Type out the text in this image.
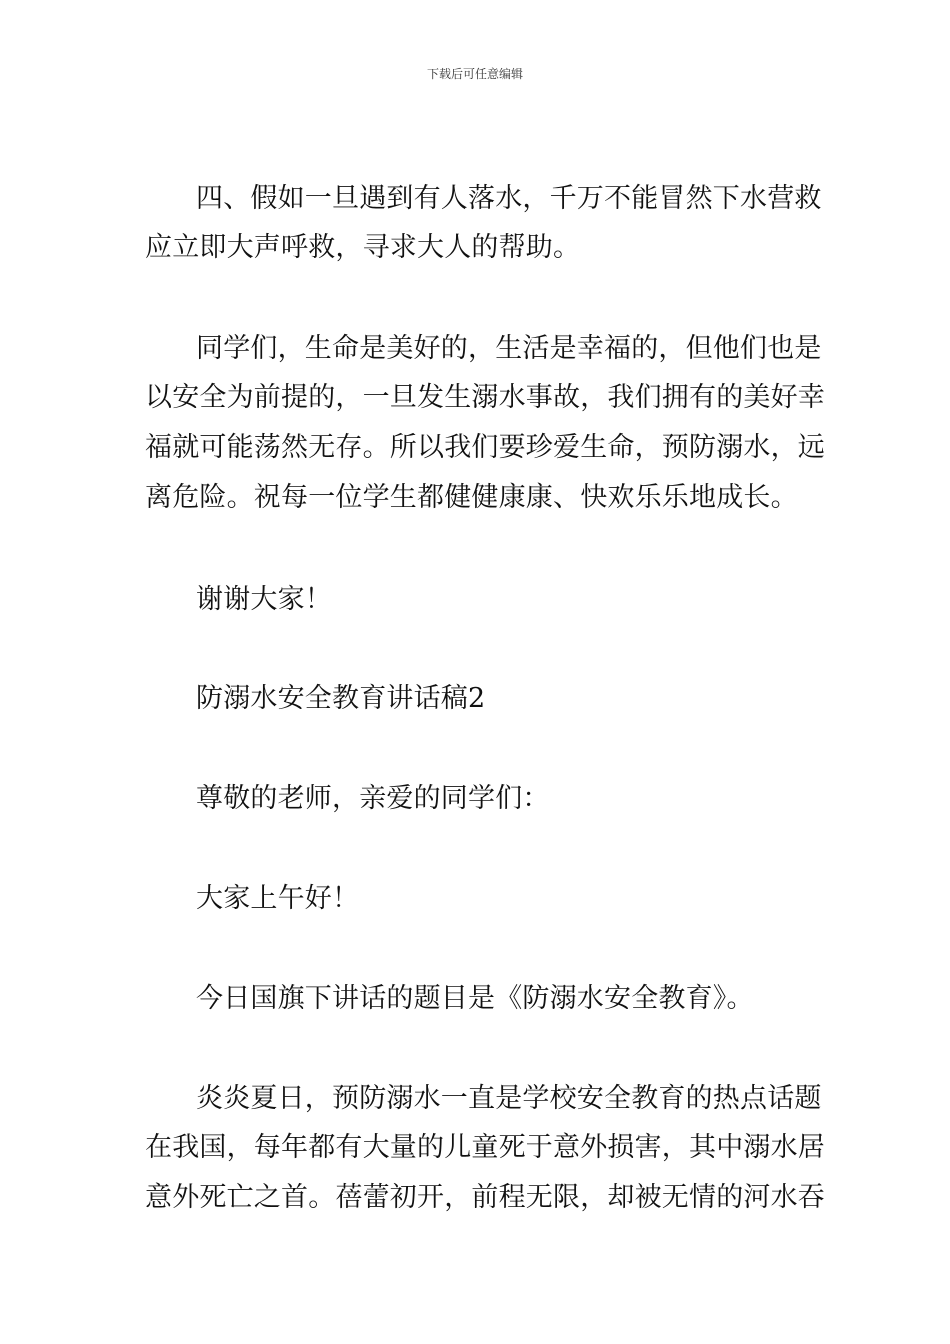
下载后可任意编辑
四、假如一旦遇到有人落水，千万不能冒然下水营救
应立即大声呼救，寻求大人的帮助。
同学们，生命是美好的，生活是幸福的，但他们也是
以安全为前提的，一旦发生溺水事故，我们拥有的美好幸
福就可能荡然无存。所以我们要珍爱生命，预防溺水，远
离危险。祝每一位学生都健健康康、快欢乐乐地成长。
谢谢大家！
防溺水安全教育讲话稿2
尊敬的老师，亲爱的同学们：
大家上午好！
今日国旗下讲话的题目是《防溺水安全教育》。
炎炎夏日，预防溺水一直是学校安全教育的热点话题
在我国，每年都有大量的儿童死于意外损害，其中溺水居
意外死亡之首。蓓蕾初开，前程无限，却被无情的河水吞
